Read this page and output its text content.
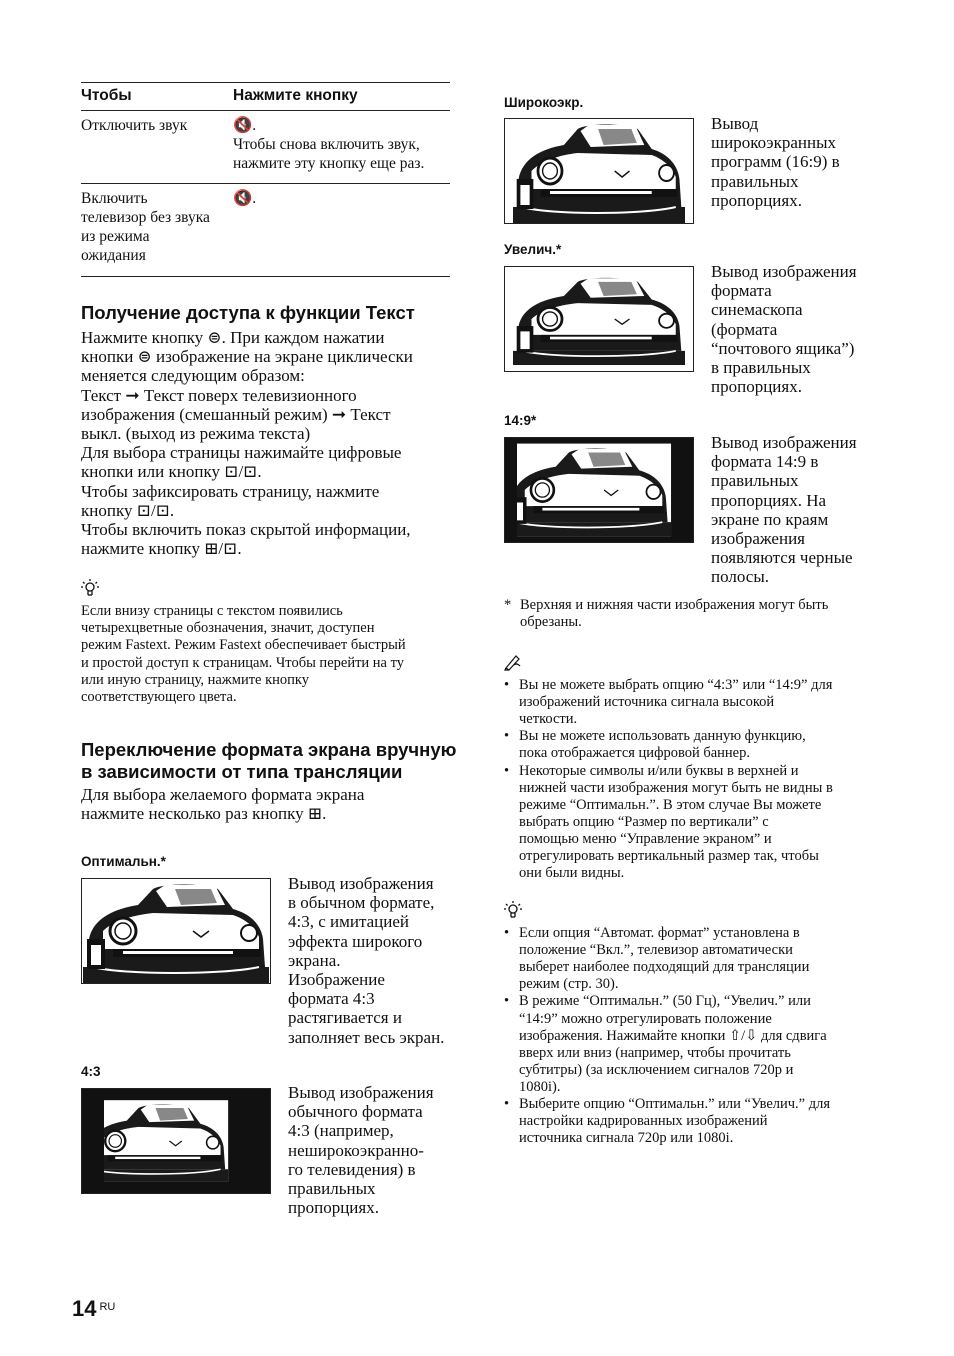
Чтобы	Нажмите кнопку
Отключить звук	🔇.
Чтобы снова включить звук, нажмите эту кнопку еще раз.
Включить телевизор без звука из режима ожидания
🔇.
Получение доступа к функции Текст
Нажмите кнопку ⊜. При каждом нажатии
кнопки ⊜ изображение на экране циклически
меняется следующим образом:
Текст ➞ Текст поверх телевизионного
изображения (смешанный режим) ➞ Текст
выкл. (выход из режима текста)
Для выбора страницы нажимайте цифровые
кнопки или кнопку ⊡/⊡.
Чтобы зафиксировать страницу, нажмите
кнопку ⊡/⊡.
Чтобы включить показ скрытой информации,
нажмите кнопку ⊞/⊡.
Если внизу страницы с текстом появились
четырехцветные обозначения, значит, доступен
режим Fastext. Режим Fastext обеспечивает быстрый
и простой доступ к страницам. Чтобы перейти на ту
или иную страницу, нажмите кнопку
соответствующего цвета.
Переключение формата экрана вручную
в зависимости от типа трансляции
Для выбора желаемого формата экрана
нажмите несколько раз кнопку ⊞.
Оптимальн.*
Вывод изображения
в обычном формате,
4:3, с имитацией
эффекта широкого
экрана.
Изображение
формата 4:3
растягивается и
заполняет весь экран.
4:3
Вывод изображения
обычного формата
4:3 (например,
неширокоэкранно-
го телевидения) в
правильных
пропорциях.
Широкоэкр.
Вывод
широкоэкранных
программ (16:9) в
правильных
пропорциях.
Увелич.*
Вывод изображения
формата
синемаскопа
(формата
“почтового ящика”)
в правильных
пропорциях.
14:9*
Вывод изображения
формата 14:9 в
правильных
пропорциях. На
экране по краям
изображения
появляются черные
полосы.
* Верхняя и нижняя части изображения могут быть
обрезаны.
• Вы не можете выбрать опцию “4:3” или “14:9” для
изображений источника сигнала высокой
четкости.
• Вы не можете использовать данную функцию,
пока отображается цифровой баннер.
• Некоторые символы и/или буквы в верхней и
нижней части изображения могут быть не видны в
режиме “Оптимальн.”. В этом случае Вы можете
выбрать опцию “Размер по вертикали” с
помощью меню “Управление экраном” и
отрегулировать вертикальный размер так, чтобы
они были видны.
• Если опция “Автомат. формат” установлена в
положение “Вкл.”, телевизор автоматически
выберет наиболее подходящий для трансляции
режим (стр. 30).
• В режиме “Оптимальн.” (50 Гц), “Увелич.” или
“14:9” можно отрегулировать положение
изображения. Нажимайте кнопки ⇧/⇩ для сдвига
вверх или вниз (например, чтобы прочитать
субтитры) (за исключением сигналов 720p и
1080i).
• Выберите опцию “Оптимальн.” или “Увелич.” для
настройки кадрированных изображений
источника сигнала 720p или 1080i.
14 $^{RU}$
